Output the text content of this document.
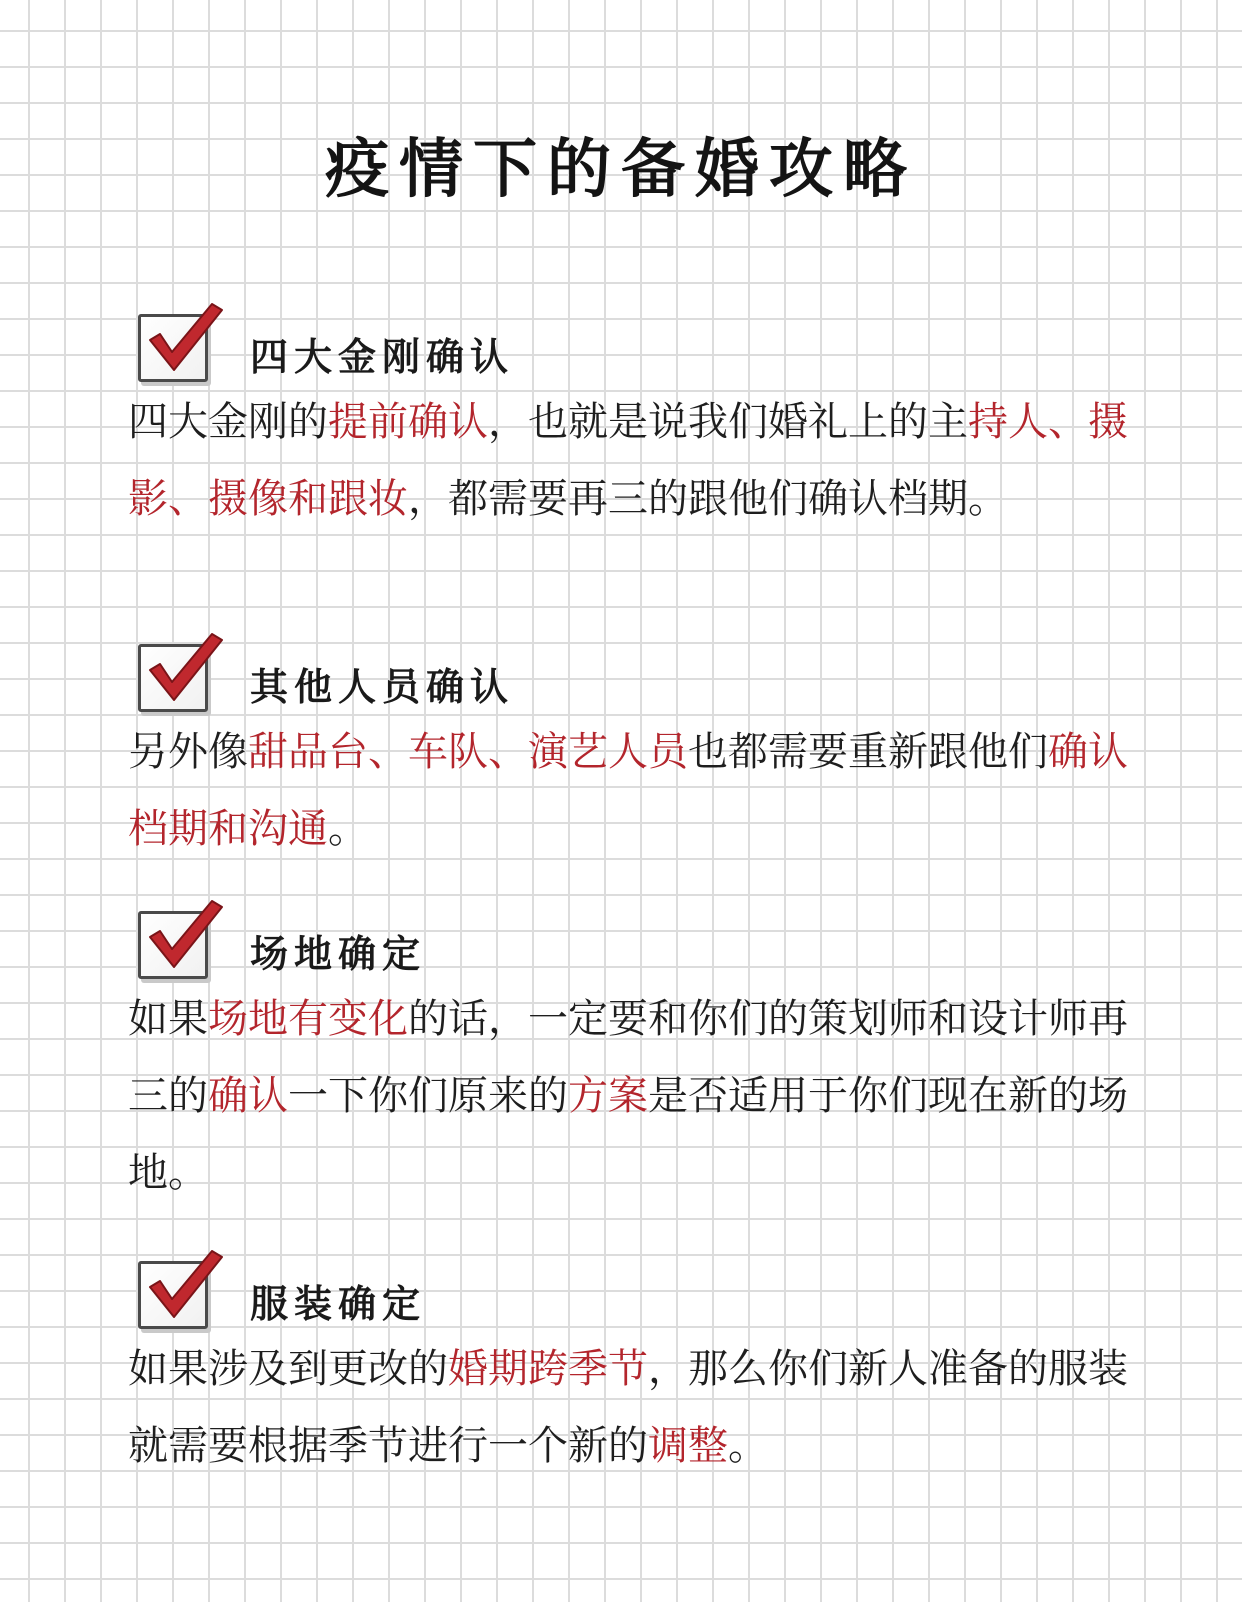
疫情下的备婚攻略
四大金刚确认
四大金刚的提前确认，也就是说我们婚礼上的主持人、摄影、摄像和跟妆，都需要再三的跟他们确认档期。
其他人员确认
另外像甜品台、车队、演艺人员也都需要重新跟他们确认档期和沟通。
场地确定
如果场地有变化的话，一定要和你们的策划师和设计师再三的确认一下你们原来的方案是否适用于你们现在新的场地。
服装确定
如果涉及到更改的婚期跨季节，那么你们新人准备的服装就需要根据季节进行一个新的调整。
